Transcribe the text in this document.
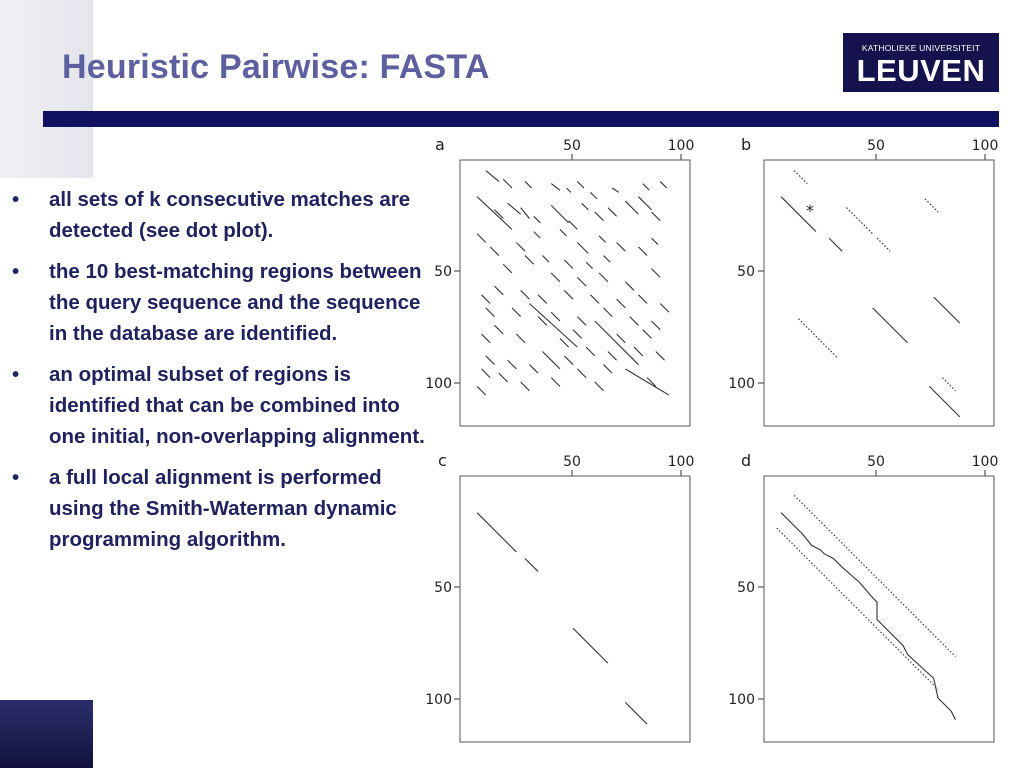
Heuristic Pairwise: FASTA	KATHOLIEKE UNIVERSITEIT
LEUVEN
• all sets of k consecutive matches are detected (see dot plot).
• the 10 best-matching regions between the query sequence and the sequence in the database are identified.
• an optimal subset of regions is identified that can be combined into one initial, non-overlapping alignment.
• a full local alignment is performed using the Smith-Waterman dynamic programming algorithm.
a	50	100
50
100
b	50	100
50
100
*
c	50	100
50
100
d	50	100
50
100
